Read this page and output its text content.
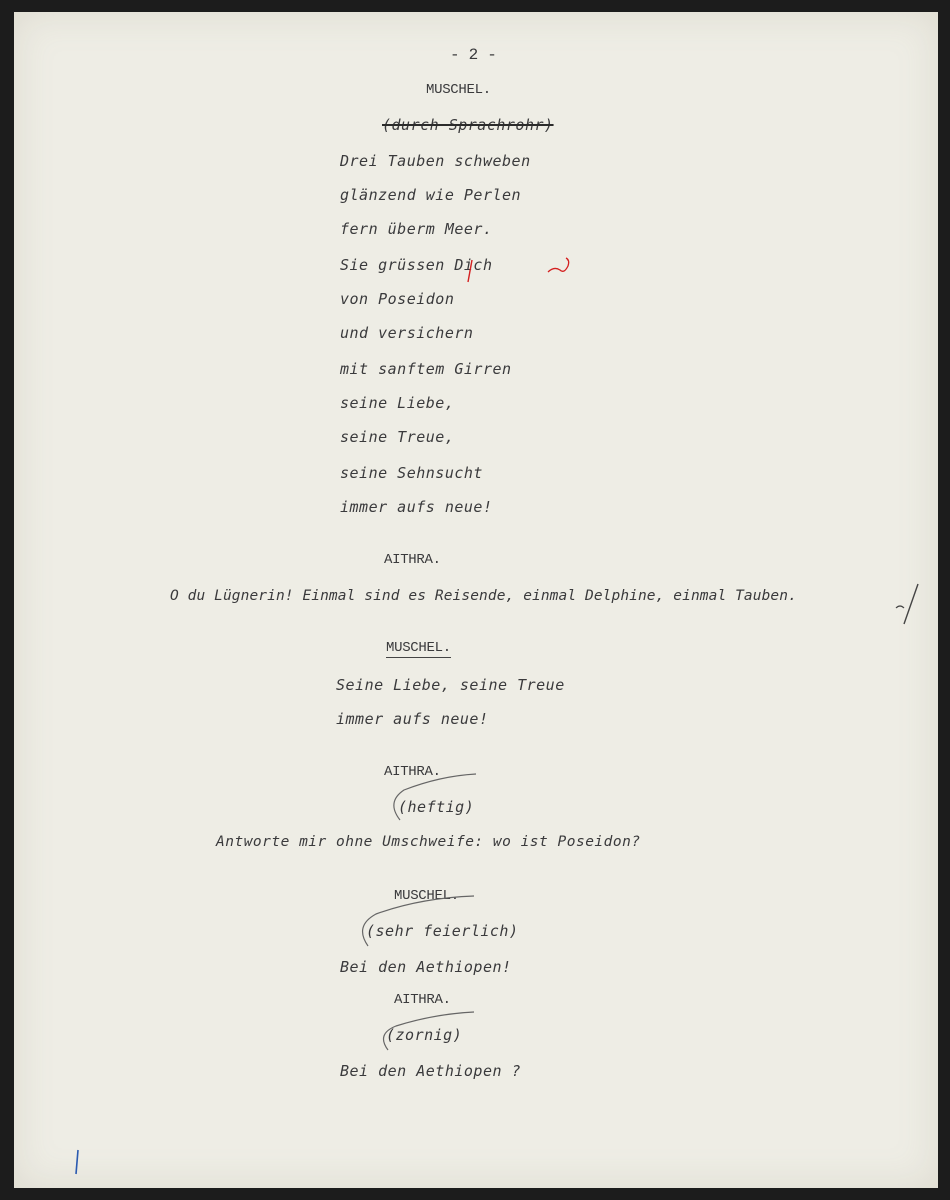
- 2 -
MUSCHEL.
(durch Sprachrohr)
Drei Tauben schweben
glänzend wie Perlen
fern überm Meer.
Sie grüssen Dich
von Poseidon
und versichern
mit sanftem Girren
seine Liebe,
seine Treue,
seine Sehnsucht
immer aufs neue!
AITHRA.
O du Lügnerin! Einmal sind es Reisende, einmal Delphine, einmal Tauben.
MUSCHEL.
Seine Liebe, seine Treue
immer aufs neue!
AITHRA.
(heftig)
Antworte mir ohne Umschweife: wo ist Poseidon?
MUSCHEL.
(sehr feierlich)
Bei den Aethiopen!
AITHRA.
(zornig)
Bei den Aethiopen ?
